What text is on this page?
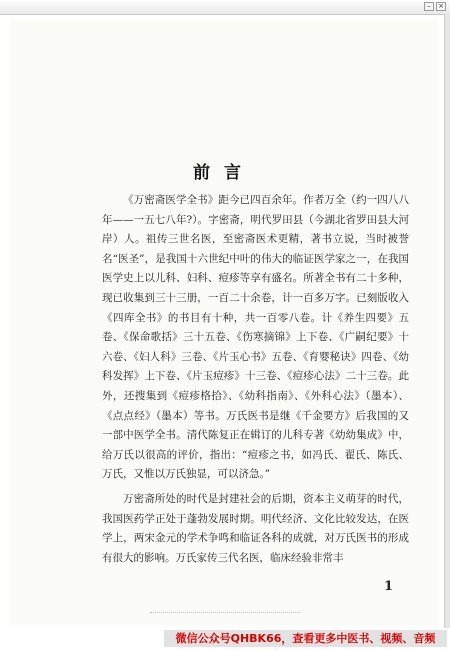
–	×
前言

《万密斋医学全书》距今已四百余年。作者万全（约一四八八年——一五七八年?）。字密斋，明代罗田县（今湖北省罗田县大河岸）人。祖传三世名医，至密斋医术更精，著书立说，当时被誉名“医圣”，是我国十六世纪中叶的伟大的临证医学家之一，在我国医学史上以儿科、妇科、痘疹等享有盛名。所著全书有二十多种，现已收集到三十三册，一百二十余卷，计一百多万字。已刻版收入《四库全书》的书目有十种，共一百零八卷。计《养生四要》五卷、《保命歌括》三十五卷、《伤寒摘锦》上下卷、《广嗣纪要》十六卷、《妇人科》三卷、《片玉心书》五卷、《育婴秘诀》四卷、《幼科发挥》上下卷、《片玉痘疹》十三卷、《痘疹心法》二十三卷。此外，还搜集到《痘疹格拾》、《幼科指南》、《外科心法》（墨本）、《点点经》（墨本）等书。万氏医书是继《千金要方》后我国的又一部中医学全书。清代陈复正在辑订的儿科专著《幼幼集成》中，给万氏以很高的评价，指出：“痘疹之书，如冯氏、翟氏、陈氏、万氏，又惟以万氏独显，可以济急。”

万密斋所处的时代是封建社会的后期，资本主义萌芽的时代，我国医药学正处于蓬勃发展时期。明代经济、文化比较发达，在医学上，两宋金元的学术争鸣和临证各科的成就，对万氏医书的形成有很大的影响。万氏家传三代名医，临床经验非常丰

1
微信公众号QHBK66，查看更多中医书、视频、音频
